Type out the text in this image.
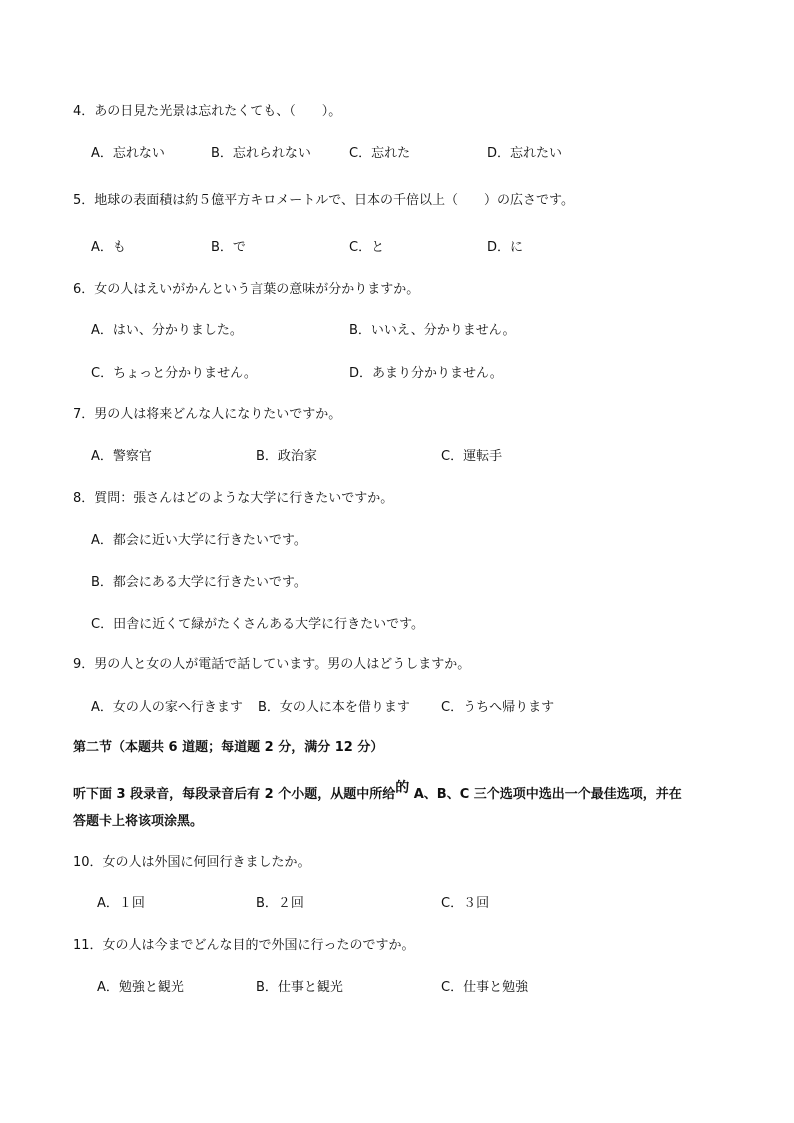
4．あの日見た光景は忘れたくても、（　　）。
A．忘れない	B．忘れられない	C．忘れた	D．忘れたい
5．地球の表面積は約５億平方キロメートルで、日本の千倍以上（　　）の広さです。
A．も	B．で	C．と	D．に
6．女の人はえいがかんという言葉の意味が分かりますか。
A．はい、分かりました。	B．いいえ、分かりません。
C．ちょっと分かりません。	D．あまり分かりません。
7．男の人は将来どんな人になりたいですか。
A．警察官	B．政治家	C．運転手
8．質問：張さんはどのような大学に行きたいですか。
A．都会に近い大学に行きたいです。
B．都会にある大学に行きたいです。
C．田舎に近くて緑がたくさんある大学に行きたいです。
9．男の人と女の人が電話で話しています。男の人はどうしますか。
A．女の人の家へ行きます B．女の人に本を借ります C．うちへ帰ります
第二节（本题共 6 道题；每道题 2 分，满分 12 分）
听下面 3 段录音，每段录音后有 2 个小题，从题中所给的 A、B、C 三个选项中选出一个最佳选项，并在
答题卡上将该项涂黑。
10．女の人は外国に何回行きましたか。
A．１回	B．２回	C．３回
11．女の人は今までどんな目的で外国に行ったのですか。
A．勉強と観光	B．仕事と観光	C．仕事と勉強
